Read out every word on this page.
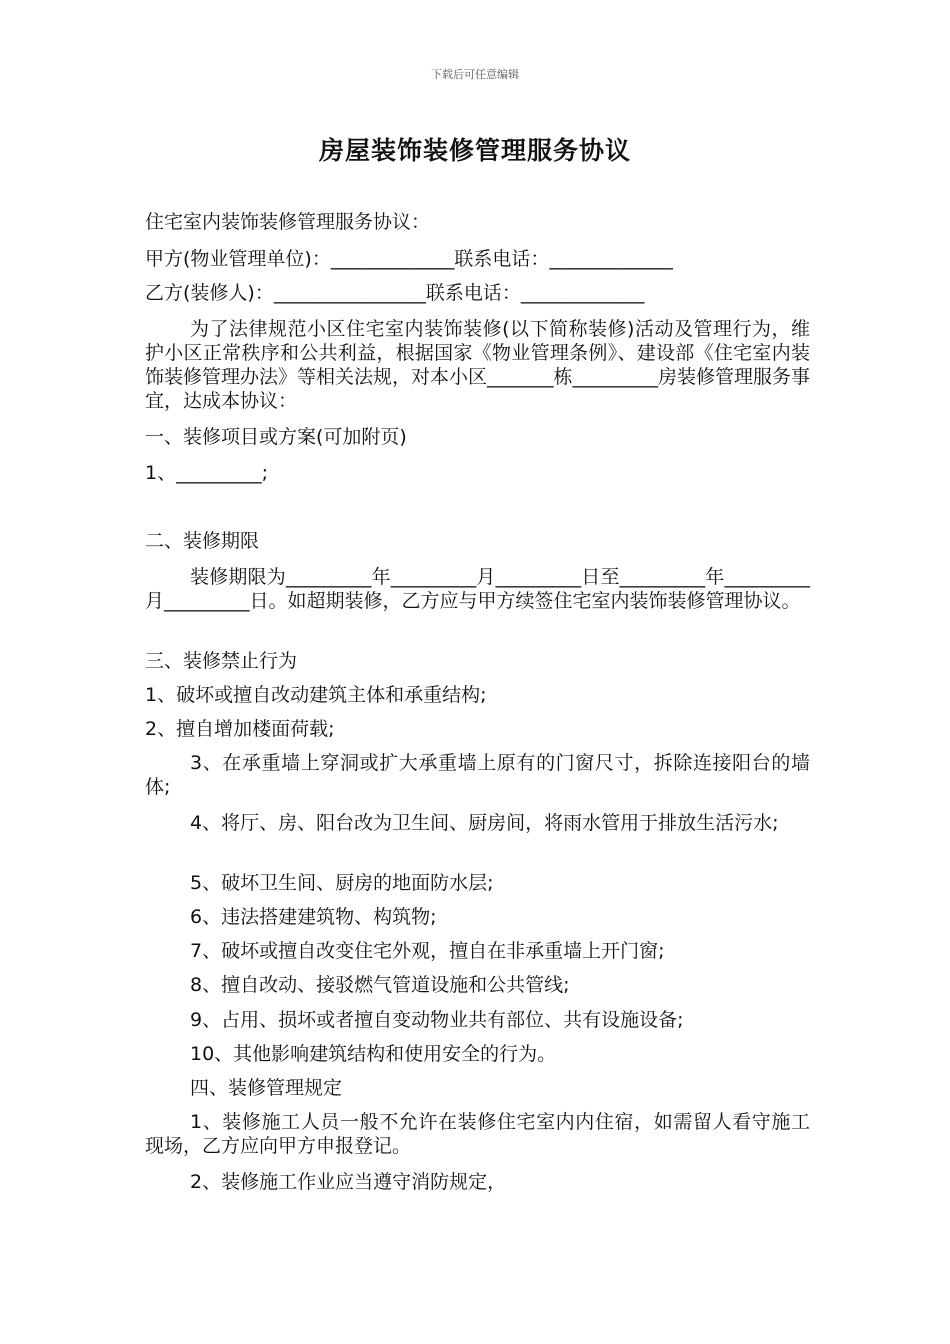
下载后可任意编辑
房屋装饰装修管理服务协议

住宅室内装饰装修管理服务协议：

甲方(物业管理单位)：_____________联系电话：_____________

乙方(装修人)：________________联系电话：_____________

为了法律规范小区住宅室内装饰装修(以下简称装修)活动及管理行为，维护小区正常秩序和公共利益，根据国家《物业管理条例》、建设部《住宅室内装饰装修管理办法》等相关法规，对本小区_______栋_________房装修管理服务事宜，达成本协议：

一、装修项目或方案(可加附页)

1、_________;

二、装修期限

装修期限为_________年_________月_________日至_________年_________月_________日。如超期装修，乙方应与甲方续签住宅室内装饰装修管理协议。

三、装修禁止行为

1、破坏或擅自改动建筑主体和承重结构;

2、擅自增加楼面荷载;

3、在承重墙上穿洞或扩大承重墙上原有的门窗尺寸，拆除连接阳台的墙体;

4、将厅、房、阳台改为卫生间、厨房间，将雨水管用于排放生活污水;

5、破坏卫生间、厨房的地面防水层;

6、违法搭建建筑物、构筑物;

7、破坏或擅自改变住宅外观，擅自在非承重墙上开门窗;

8、擅自改动、接驳燃气管道设施和公共管线;

9、占用、损坏或者擅自变动物业共有部位、共有设施设备;

10、其他影响建筑结构和使用安全的行为。

四、装修管理规定

1、装修施工人员一般不允许在装修住宅室内内住宿，如需留人看守施工现场，乙方应向甲方申报登记。

2、装修施工作业应当遵守消防规定，
